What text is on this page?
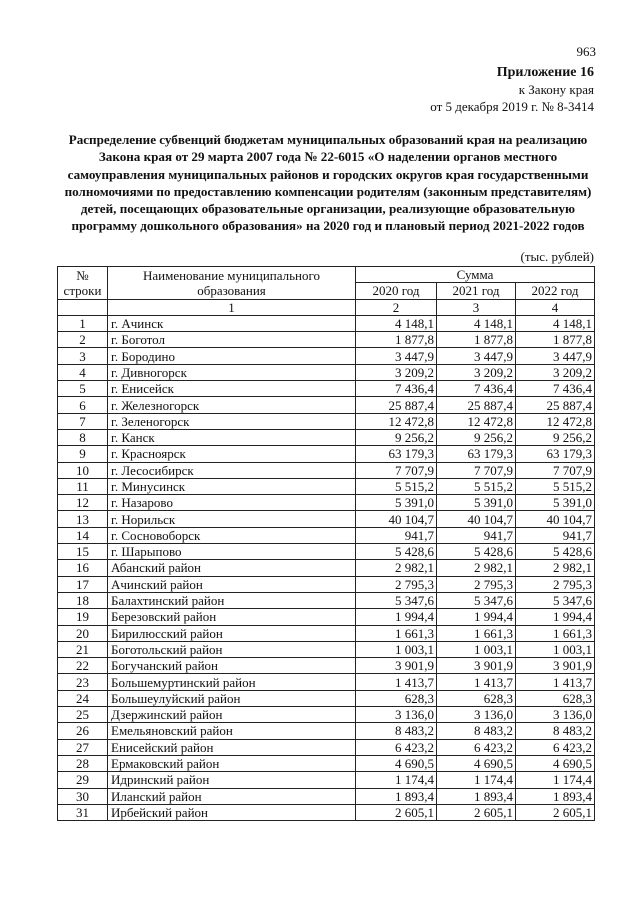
963
Приложение 16
к Закону края
от 5 декабря 2019 г. № 8-3414
Распределение субвенций бюджетам муниципальных образований края на реализацию Закона края от 29 марта 2007 года № 22-6015 «О наделении органов местного самоуправления муниципальных районов и городских округов края государственными полномочиями по предоставлению компенсации родителям (законным представителям) детей, посещающих образовательные организации, реализующие образовательную программу дошкольного образования» на 2020 год и плановый период 2021-2022 годов
(тыс. рублей)
№
строки

Наименование муниципального
образования
	Сумма
		2020 год	2021 год	2022 год
	1	2	3	4
1	г. Ачинск	4 148,1	4 148,1	4 148,1
2	г. Боготол	1 877,8	1 877,8	1 877,8
3	г. Бородино	3 447,9	3 447,9	3 447,9
4	г. Дивногорск	3 209,2	3 209,2	3 209,2
5	г. Енисейск	7 436,4	7 436,4	7 436,4
6	г. Железногорск	25 887,4	25 887,4	25 887,4
7	г. Зеленогорск	12 472,8	12 472,8	12 472,8
8	г. Канск	9 256,2	9 256,2	9 256,2
9	г. Красноярск	63 179,3	63 179,3	63 179,3
10	г. Лесосибирск	7 707,9	7 707,9	7 707,9
11	г. Минусинск	5 515,2	5 515,2	5 515,2
12	г. Назарово	5 391,0	5 391,0	5 391,0
13	г. Норильск	40 104,7	40 104,7	40 104,7
14	г. Сосновоборск	941,7	941,7	941,7
15	г. Шарыпово	5 428,6	5 428,6	5 428,6
16	Абанский район	2 982,1	2 982,1	2 982,1
17	Ачинский район	2 795,3	2 795,3	2 795,3
18	Балахтинский район	5 347,6	5 347,6	5 347,6
19	Березовский район	1 994,4	1 994,4	1 994,4
20	Бирилюсский район	1 661,3	1 661,3	1 661,3
21	Боготольский район	1 003,1	1 003,1	1 003,1
22	Богучанский район	3 901,9	3 901,9	3 901,9
23	Большемуртинский район	1 413,7	1 413,7	1 413,7
24	Большеулуйский район	628,3	628,3	628,3
25	Дзержинский район	3 136,0	3 136,0	3 136,0
26	Емельяновский район	8 483,2	8 483,2	8 483,2
27	Енисейский район	6 423,2	6 423,2	6 423,2
28	Ермаковский район	4 690,5	4 690,5	4 690,5
29	Идринский район	1 174,4	1 174,4	1 174,4
30	Иланский район	1 893,4	1 893,4	1 893,4
31	Ирбейский район	2 605,1	2 605,1	2 605,1
